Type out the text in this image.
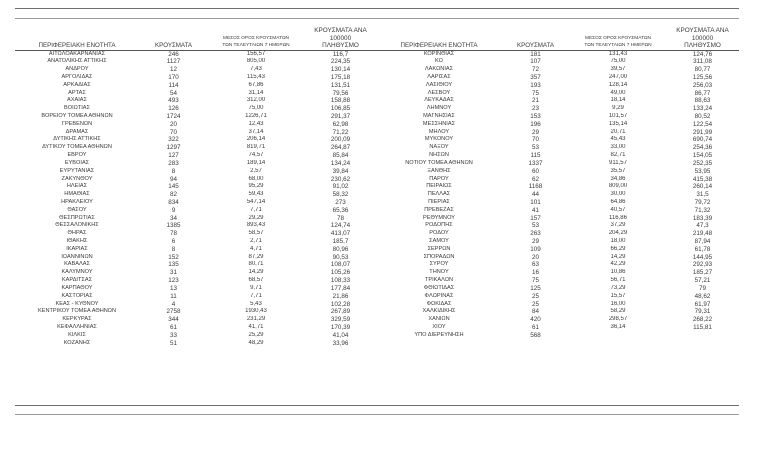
ΠΕΡΙΦΕΡΕΙΑΚΗ ΕΝΟΤΗΤΑ	ΚΡΟΥΣΜΑΤΑ	ΜΕΣΟΣ ΟΡΟΣ ΚΡΟΥΣΜΑΤΩΝ
ΤΩΝ ΤΕΛΕΥΤΑΙΩΝ 7 ΗΜΕΡΩΝ	ΚΡΟΥΣΜΑΤΑ ΑΝΑ 100000
ΠΛΗΘΥΣΜΟ
ΑΙΤΩΛΟΑΚΑΡΝΑΝΙΑΣ	246	156,57	116,7
ΑΝΑΤΟΛΙΚΗΣ ΑΤΤΙΚΗΣ	1127	805,00	224,35
ΑΝΔΡΟΥ	12	7,43	130,14
ΑΡΓΟΛΙΔΑΣ	170	115,43	175,18
ΑΡΚΑΔΙΑΣ	114	67,86	131,51
ΑΡΤΑΣ	54	31,14	79,56
ΑΧΑΪΑΣ	493	312,00	158,88
ΒΟΙΩΤΙΑΣ	126	75,00	106,85
ΒΟΡΕΙΟΥ ΤΟΜΕΑ ΑΘΗΝΩΝ	1724	1226,71	291,37
ΓΡΕΒΕΝΩΝ	20	12,43	62,98
ΔΡΑΜΑΣ	70	37,14	71,22
ΔΥΤΙΚΗΣ ΑΤΤΙΚΗΣ	322	206,14	200,09
ΔΥΤΙΚΟΥ ΤΟΜΕΑ ΑΘΗΝΩΝ	1297	819,71	264,87
ΕΒΡΟΥ	127	74,57	85,84
ΕΥΒΟΙΑΣ	283	189,14	134,24
ΕΥΡΥΤΑΝΙΑΣ	8	2,57	39,84
ΖΑΚΥΝΘΟΥ	94	68,00	230,62
ΗΛΕΙΑΣ	145	95,29	91,02
ΗΜΑΘΙΑΣ	82	59,43	58,32
ΗΡΑΚΛΕΙΟΥ	834	547,14	273
ΘΑΣΟΥ	9	7,71	65,36
ΘΕΣΠΡΩΤΙΑΣ	34	29,29	78
ΘΕΣΣΑΛΟΝΙΚΗΣ	1385	893,43	124,74
ΘΗΡΑΣ	78	58,57	413,07
ΙΘΑΚΗΣ	6	2,71	185,7
ΙΚΑΡΙΑΣ	8	4,71	80,96
ΙΩΑΝΝΙΝΩΝ	152	87,29	90,53
ΚΑΒΑΛΑΣ	135	80,71	108,07
ΚΑΛΥΜΝΟΥ	31	14,29	105,26
ΚΑΡΔΙΤΣΑΣ	123	68,57	108,33
ΚΑΡΠΑΘΟΥ	13	9,71	177,84
ΚΑΣΤΟΡΙΑΣ	11	7,71	21,86
ΚΕΑΣ - ΚΥΘΝΟΥ	4	5,43	102,28
ΚΕΝΤΡΙΚΟΥ ΤΟΜΕΑ ΑΘΗΝΩΝ	2758	1930,43	267,89
ΚΕΡΚΥΡΑΣ	344	231,29	329,59
ΚΕΦΑΛΛΗΝΙΑΣ	61	41,71	170,39
ΚΙΛΚΙΣ	33	25,29	41,04
ΚΟΖΑΝΗΣ	51	48,29	33,96
ΠΕΡΙΦΕΡΕΙΑΚΗ ΕΝΟΤΗΤΑ	ΚΡΟΥΣΜΑΤΑ	ΜΕΣΟΣ ΟΡΟΣ ΚΡΟΥΣΜΑΤΩΝ
ΤΩΝ ΤΕΛΕΥΤΑΙΩΝ 7 ΗΜΕΡΩΝ	ΚΡΟΥΣΜΑΤΑ ΑΝΑ 100000
ΠΛΗΘΥΣΜΟ
ΚΟΡΙΝΘΙΑΣ	181	131,43	124,76
ΚΩ	107	75,00	311,08
ΛΑΚΩΝΙΑΣ	72	39,57	80,77
ΛΑΡΙΣΑΣ	357	247,00	125,56
ΛΑΣΙΘΙΟΥ	193	128,14	256,03
ΛΕΣΒΟΥ	75	49,00	86,77
ΛΕΥΚΑΔΑΣ	21	18,14	88,63
ΛΗΜΝΟΥ	23	9,29	133,24
ΜΑΓΝΗΣΙΑΣ	153	101,57	80,52
ΜΕΣΣΗΝΙΑΣ	196	135,14	122,54
ΜΗΛΟΥ	29	20,71	291,99
ΜΥΚΟΝΟΥ	70	45,43	690,74
ΝΑΞΟΥ	53	33,00	254,36
ΝΗΣΩΝ	115	82,71	154,05
ΝΟΤΙΟΥ ΤΟΜΕΑ ΑΘΗΝΩΝ	1337	911,57	252,35
ΞΑΝΘΗΣ	60	35,57	53,95
ΠΑΡΟΥ	62	34,86	415,38
ΠΕΙΡΑΙΩΣ	1168	809,00	260,14
ΠΕΛΛΑΣ	44	30,00	31,5
ΠΙΕΡΙΑΣ	101	64,86	79,72
ΠΡΕΒΕΖΑΣ	41	40,57	71,32
ΡΕΘΥΜΝΟΥ	157	116,86	183,39
ΡΟΔΟΠΗΣ	53	37,29	47,3
ΡΟΔΟΥ	263	204,29	219,48
ΣΑΜΟΥ	29	18,00	87,94
ΣΕΡΡΩΝ	109	66,29	61,78
ΣΠΟΡΑΔΩΝ	20	14,29	144,95
ΣΥΡΟΥ	63	42,29	292,93
ΤΗΝΟΥ	16	10,86	185,27
ΤΡΙΚΑΛΩΝ	75	56,71	57,21
ΦΘΙΩΤΙΔΑΣ	125	73,29	79
ΦΛΩΡΙΝΑΣ	25	15,57	48,62
ΦΩΚΙΔΑΣ	25	16,00	61,97
ΧΑΛΚΙΔΙΚΗΣ	84	58,29	79,31
ΧΑΝΙΩΝ	420	298,57	268,22
ΧΙΟΥ	61	36,14	115,81
ΥΠΟ ΔΙΕΡΕΥΝΗΣΗ	568		
